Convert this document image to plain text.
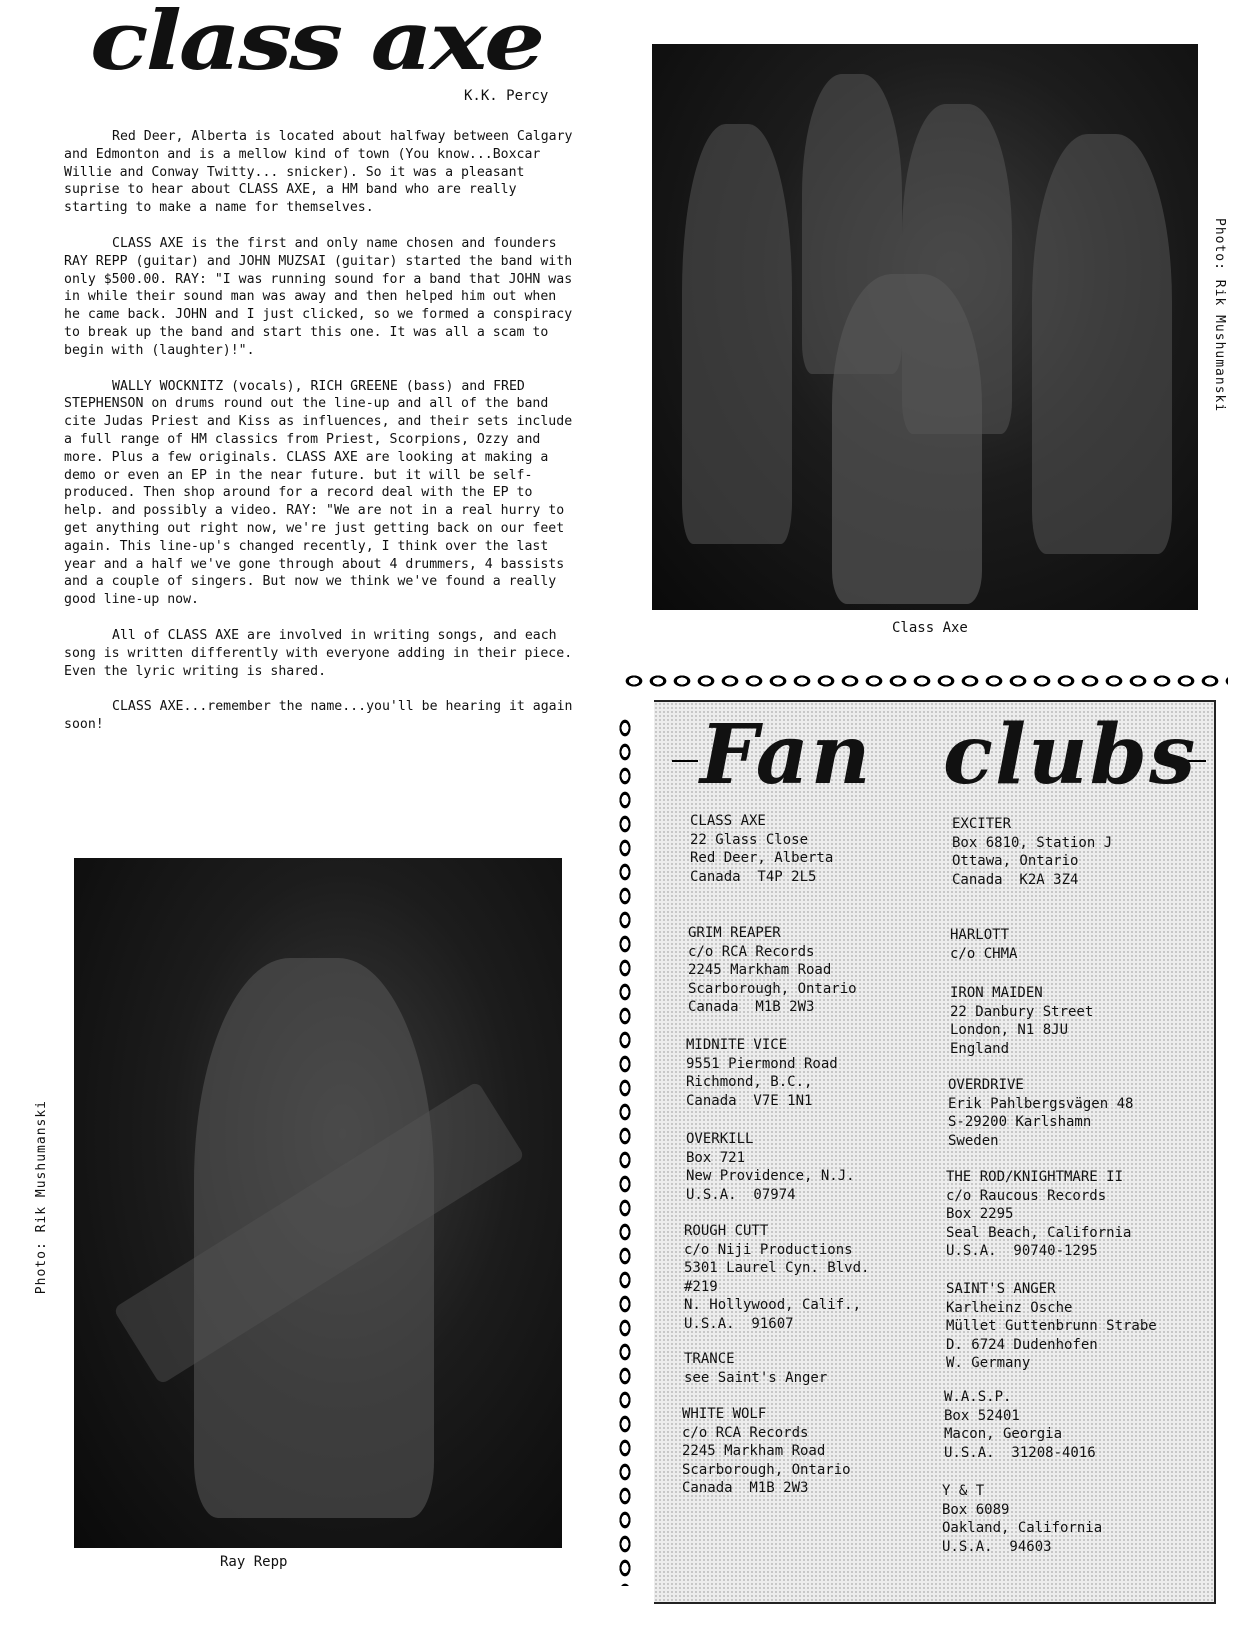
class axe
K.K. Percy

Red Deer, Alberta is located about halfway between Calgary and Edmonton and is a mellow kind of town (You know...Boxcar Willie and Conway Twitty... snicker). So it was a pleasant suprise to hear about CLASS AXE, a HM band who are really starting to make a name for themselves.

CLASS AXE is the first and only name chosen and founders RAY REPP (guitar) and JOHN MUZSAI (guitar) started the band with only $500.00. RAY: "I was running sound for a band that JOHN was in while their sound man was away and then helped him out when he came back. JOHN and I just clicked, so we formed a conspiracy to break up the band and start this one. It was all a scam to begin with (laughter)!".

WALLY WOCKNITZ (vocals), RICH GREENE (bass) and FRED STEPHENSON on drums round out the line-up and all of the band cite Judas Priest and Kiss as influences, and their sets include a full range of HM classics from Priest, Scorpions, Ozzy and more. Plus a few originals. CLASS AXE are looking at making a demo or even an EP in the near future. but it will be self-produced. Then shop around for a record deal with the EP to help. and possibly a video. RAY: "We are not in a real hurry to get anything out right now, we're just getting back on our feet again. This line-up's changed recently, I think over the last year and a half we've gone through about 4 drummers, 4 bassists and a couple of singers. But now we think we've found a really good line-up now.

All of CLASS AXE are involved in writing songs, and each song is written differently with everyone adding in their piece. Even the lyric writing is shared.

CLASS AXE...remember the name...you'll be hearing it again soon!

Class Axe
Photo: Rik Mushumanski
Ray Repp
Photo: Rik Mushumanski
Fan clubs
CLASS AXE
22 Glass Close
Red Deer, Alberta
Canada  T4P 2L5
GRIM REAPER
c/o RCA Records
2245 Markham Road
Scarborough, Ontario
Canada  M1B 2W3
MIDNITE VICE
9551 Piermond Road
Richmond, B.C.,
Canada  V7E 1N1
OVERKILL
Box 721
New Providence, N.J.
U.S.A.  07974
ROUGH CUTT
c/o Niji Productions
5301 Laurel Cyn. Blvd.
#219
N. Hollywood, Calif.,
U.S.A.  91607
TRANCE
see Saint's Anger
WHITE WOLF
c/o RCA Records
2245 Markham Road
Scarborough, Ontario
Canada  M1B 2W3
EXCITER
Box 6810, Station J
Ottawa, Ontario
Canada  K2A 3Z4
HARLOTT
c/o CHMA
IRON MAIDEN
22 Danbury Street
London, N1 8JU
England
OVERDRIVE
Erik Pahlbergsvägen 48
S-29200 Karlshamn
Sweden
THE ROD/KNIGHTMARE II
c/o Raucous Records
Box 2295
Seal Beach, California
U.S.A.  90740-1295
SAINT'S ANGER
Karlheinz Osche
Müllet Guttenbrunn Strabe
D. 6724 Dudenhofen
W. Germany
W.A.S.P.
Box 52401
Macon, Georgia
U.S.A.  31208-4016
Y & T
Box 6089
Oakland, California
U.S.A.  94603
